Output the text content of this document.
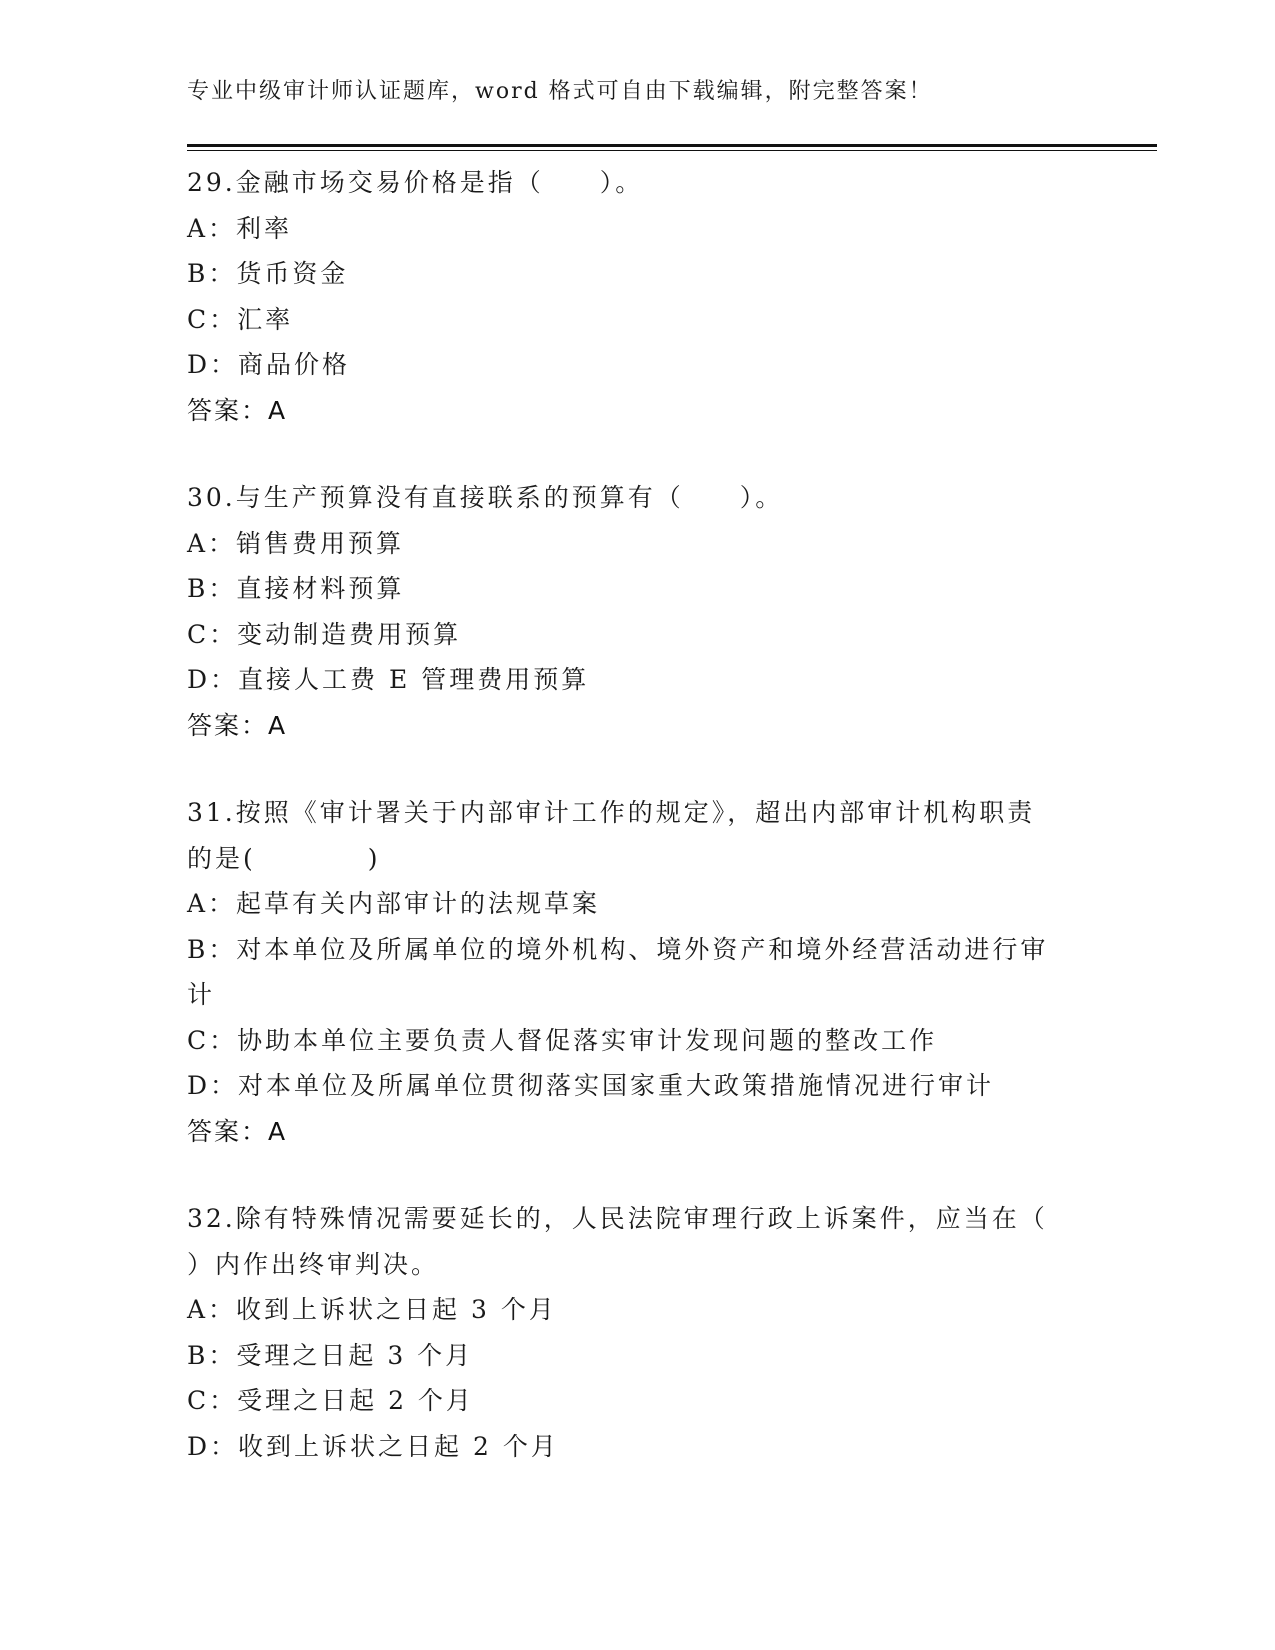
专业中级审计师认证题库，word 格式可自由下载编辑，附完整答案！
29.金融市场交易价格是指（　　）。
A：利率
B：货币资金
C：汇率
D：商品价格
答案：A
30.与生产预算没有直接联系的预算有（　　）。
A：销售费用预算
B：直接材料预算
C：变动制造费用预算
D：直接人工费 E 管理费用预算
答案：A
31.按照《审计署关于内部审计工作的规定》，超出内部审计机构职责
的是(　　　　)
A：起草有关内部审计的法规草案
B：对本单位及所属单位的境外机构、境外资产和境外经营活动进行审
计
C：协助本单位主要负责人督促落实审计发现问题的整改工作
D：对本单位及所属单位贯彻落实国家重大政策措施情况进行审计
答案：A
32.除有特殊情况需要延长的，人民法院审理行政上诉案件，应当在（
）内作出终审判决。
A：收到上诉状之日起 3 个月
B：受理之日起 3 个月
C：受理之日起 2 个月
D：收到上诉状之日起 2 个月
